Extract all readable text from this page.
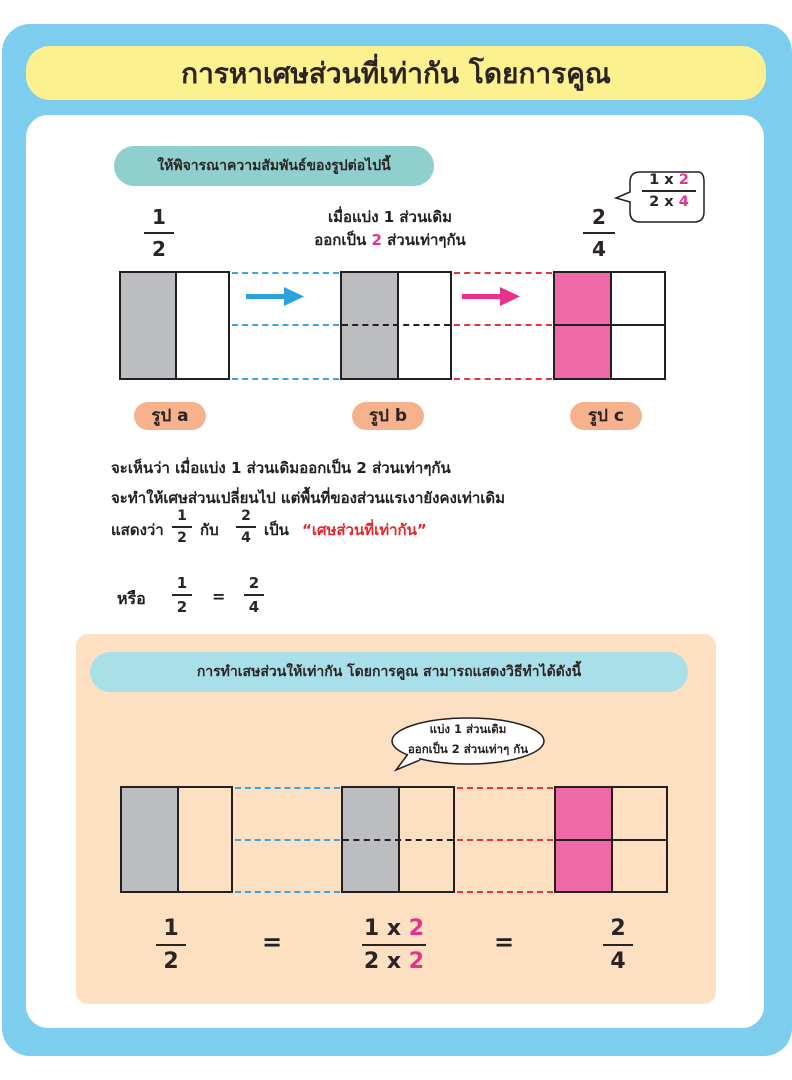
การหาเศษส่วนที่เท่ากัน โดยการคูณ
ให้พิจารณาความสัมพันธ์ของรูปต่อไปนี้
1
2
2
4
เมื่อแบ่ง 1 ส่วนเดิม
ออกเป็น 2 ส่วนเท่าๆกัน
1 x 2
2 x 4
รูป a	รูป b	รูป c
จะเห็นว่า เมื่อแบ่ง 1 ส่วนเดิมออกเป็น 2 ส่วนเท่าๆกัน
จะทำให้เศษส่วนเปลี่ยนไป แต่พื้นที่ของส่วนแรเงายังคงเท่าเดิม
แสดงว่า
1
2 กับ
2
4 เป็น “เศษส่วนที่เท่ากัน”
หรือ
1
2
=
2
4
การทำเสษส่วนให้เท่ากัน โดยการคูณ สามารถแสดงวิธีทำได้ดังนี้
แบ่ง 1 ส่วนเดิม
ออกเป็น 2 ส่วนเท่าๆ กัน
1
2
=	1 x 2
2 x 2
=	2
4
